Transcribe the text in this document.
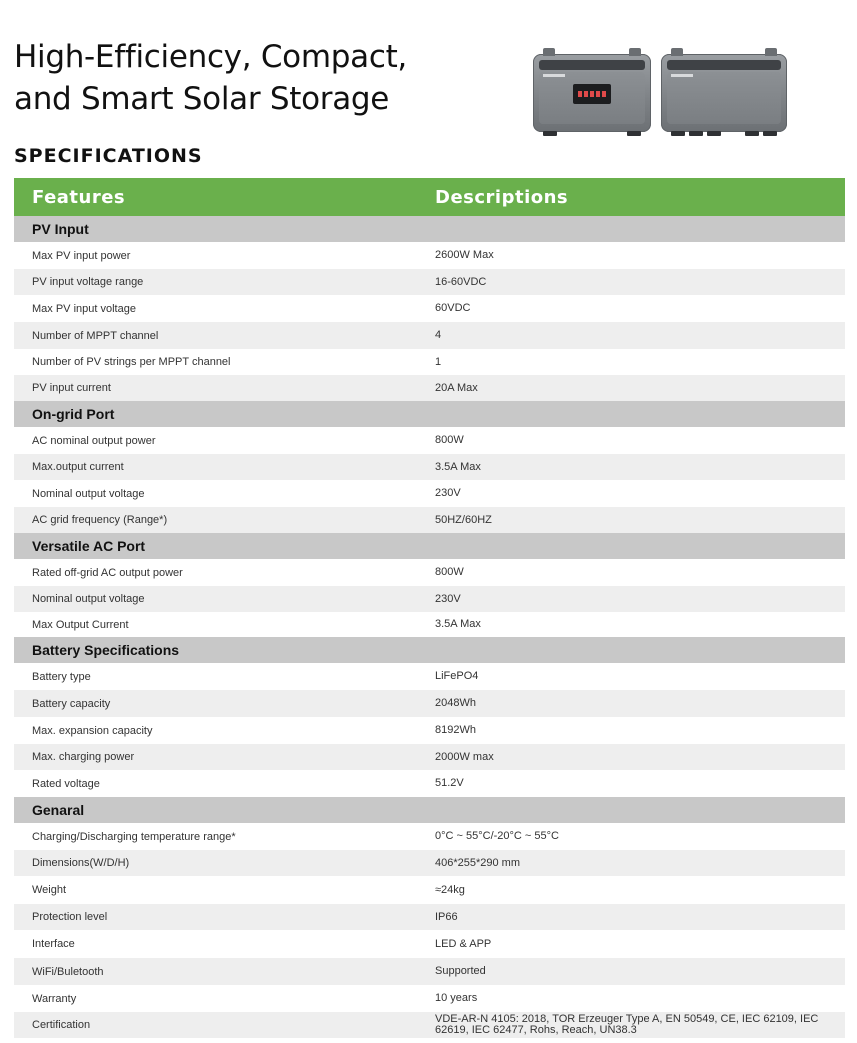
High-Efficiency, Compact,
and Smart Solar Storage
SPECIFICATIONS
Features	Descriptions
PV Input
Max PV input power	2600W Max
PV input voltage range	16-60VDC
Max PV input voltage	60VDC
Number of MPPT channel	4
Number of PV strings per MPPT channel	1
PV input current	20A Max
On-grid Port
AC nominal output power	800W
Max.output current	3.5A Max
Nominal output voltage	230V
AC grid frequency (Range*)	50HZ/60HZ
Versatile AC Port
Rated off-grid AC output power	800W
Nominal output voltage	230V
Max Output Current	3.5A Max
Battery Specifications
Battery type	LiFePO4
Battery capacity	2048Wh
Max. expansion capacity	8192Wh
Max. charging power	2000W max
Rated voltage	51.2V
Genaral
Charging/Discharging temperature range*	0°C ~ 55°C/-20°C ~ 55°C
Dimensions(W/D/H)	406*255*290 mm
Weight	≈24kg
Protection level	IP66
Interface	LED & APP
WiFi/Buletooth	Supported
Warranty	10 years
Certification	VDE-AR-N 4105: 2018, TOR Erzeuger Type A, EN 50549, CE, IEC 62109, IEC 62619, IEC 62477, Rohs, Reach, UN38.3
